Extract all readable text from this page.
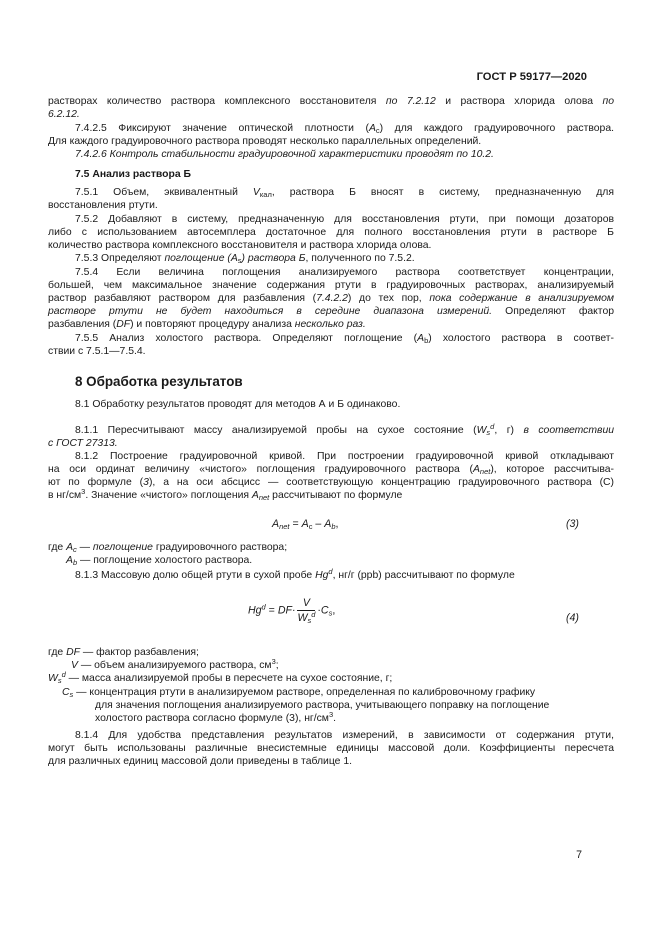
ГОСТ Р 59177—2020
растворах количество раствора комплексного восстановителя по 7.2.12 и раствора хлорида олова по
6.2.12.
7.4.2.5 Фиксируют значение оптической плотности $(A_c)$ для каждого градуировочного раствора.
Для каждого градуировочного раствора проводят несколько параллельных определений.
7.4.2.6 Контроль стабильности градуировочной характеристики проводят по 10.2.
7.5 Анализ раствора Б
7.5.1 Объем, эквивалентный $V_{кал}$, раствора Б вносят в систему, предназначенную для
восстановления ртути.
7.5.2 Добавляют в систему, предназначенную для восстановления ртути, при помощи дозаторов
либо с использованием автосемплера достаточное для полного восстановления ртути в растворе Б
количество раствора комплексного восстановителя и раствора хлорида олова.
7.5.3 Определяют поглощение $(A_s)$ раствора Б, полученного по 7.5.2.
7.5.4 Если величина поглощения анализируемого раствора соответствует концентрации,
большей, чем максимальное значение содержания ртути в градуировочных растворах, анализируемый
раствор разбавляют раствором для разбавления (7.4.2.2) до тех пор, пока содержание в анализируемом
растворе ртути не будет находиться в середине диапазона измерений. Определяют фактор
разбавления (DF) и повторяют процедуру анализа несколько раз.
7.5.5 Анализ холостого раствора. Определяют поглощение $(A_b)$ холостого раствора в соответ-
ствии с 7.5.1—7.5.4.
8 Обработка результатов
8.1 Обработку результатов проводят для методов А и Б одинаково.
8.1.1 Пересчитывают массу анализируемой пробы на сухое состояние ($W_s^d$, г) в соответствии
с ГОСТ 27313.
8.1.2 Построение градуировочной кривой. При построении градуировочной кривой откладывают
на оси ординат величину «чистого» поглощения градуировочного раствора $(A_{net})$, которое рассчитыва-
ют по формуле (3), а на оси абсцисс — соответствующую концентрацию градуировочного раствора (С)
в $нг/см^3$. Значение «чистого» поглощения $A_{net}$ рассчитывают по формуле
$A_{net} = A_c - A_b$,	(3)
где $A_c$ — поглощение градуировочного раствора;
$A_b$ — поглощение холостого раствора.
8.1.3 Массовую долю общей ртути в сухой пробе Hg$^d$, нг/г (ppb) рассчитывают по формуле
$Hg^d = DF\cdot \frac{V}{W_s^d} \cdot C_s$,
(4)
где DF — фактор разбавления;
V — объем анализируемого раствора, $см^3$;
$W_s^d$ — масса анализируемой пробы в пересчете на сухое состояние, г;
$C_s$ — концентрация ртути в анализируемом растворе, определенная по калибровочному графику
для значения поглощения анализируемого раствора, учитывающего поправку на поглощение
холостого раствора согласно формуле (3), $нг/см^3$.
8.1.4 Для удобства представления результатов измерений, в зависимости от содержания ртути,
могут быть использованы различные внесистемные единицы массовой доли. Коэффициенты пересчета
для различных единиц массовой доли приведены в таблице 1.
7
